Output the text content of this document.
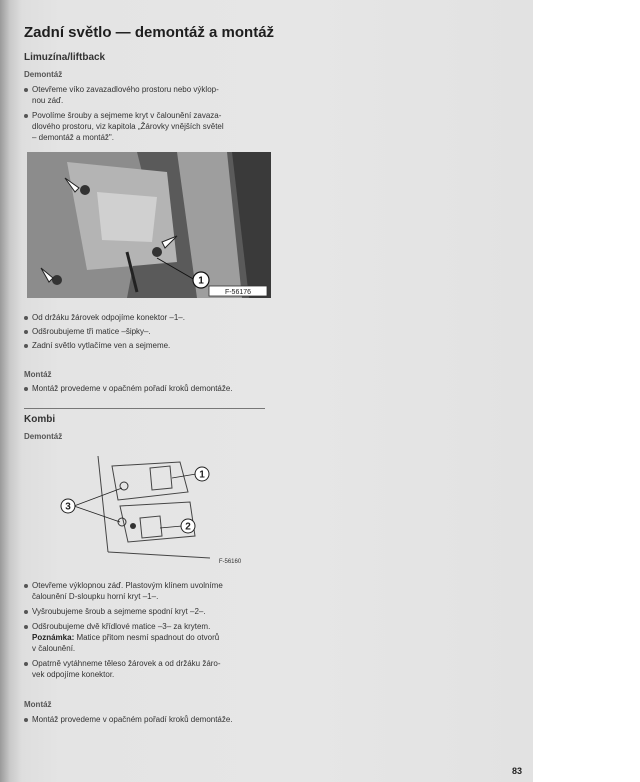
Zadní světlo — demontáž a montáž
Limuzína/liftback
Demontáž
Otevřeme víko zavazadlového prostoru nebo výklop-
nou záď.
Povolíme šrouby a sejmeme kryt v čalounění zavaza-
dlového prostoru, viz kapitola „Žárovky vnějších světel
– demontáž a montáž".
1
F-56176
Od držáku žárovek odpojíme konektor –1–.
Odšroubujeme tři matice –šipky–.
Zadní světlo vytlačíme ven a sejmeme.
Montáž
Montáž provedeme v opačném pořadí kroků demontáže.
Kombi
Demontáž
1
2
3
F-56160
Otevřeme výklopnou záď. Plastovým klínem uvolníme
čalounění D-sloupku horní kryt –1–.
Vyšroubujeme šroub a sejmeme spodní kryt –2–.
Odšroubujeme dvě křídlové matice –3– za krytem.
Poznámka: Matice přitom nesmí spadnout do otvorů
v čalounění.
Opatrně vytáhneme těleso žárovek a od držáku žáro-
vek odpojíme konektor.
Montáž
Montáž provedeme v opačném pořadí kroků demontáže.
83
